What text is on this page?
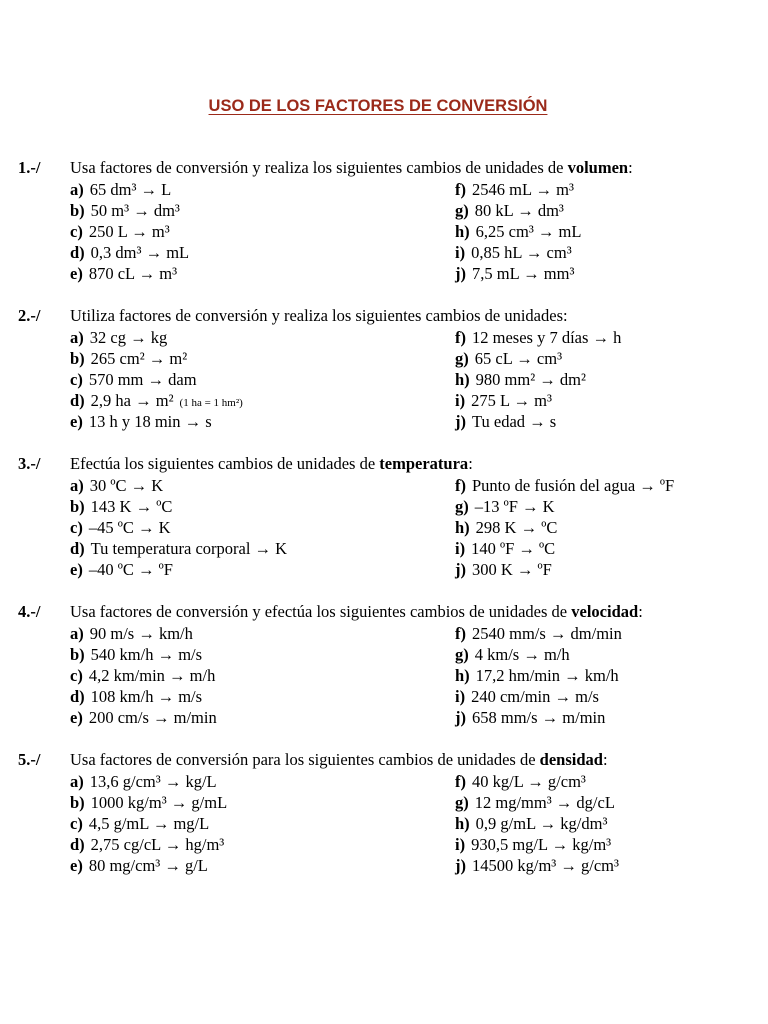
USO DE LOS FACTORES DE CONVERSIÓN
1.-/ Usa factores de conversión y realiza los siguientes cambios de unidades de volumen:
a) 65 dm³ → L
b) 50 m³ → dm³
c) 250 L → m³
d) 0,3 dm³ → mL
e) 870 cL → m³
f) 2546 mL → m³
g) 80 kL → dm³
h) 6,25 cm³ → mL
i) 0,85 hL → cm³
j) 7,5 mL → mm³
2.-/ Utiliza factores de conversión y realiza los siguientes cambios de unidades:
a) 32 cg → kg
b) 265 cm² → m²
c) 570 mm → dam
d) 2,9 ha → m² (1 ha = 1 hm²)
e) 13 h y 18 min → s
f) 12 meses y 7 días → h
g) 65 cL → cm³
h) 980 mm² → dm²
i) 275 L → m³
j) Tu edad → s
3.-/ Efectúa los siguientes cambios de unidades de temperatura:
a) 30 ºC → K
b) 143 K → ºC
c) –45 ºC → K
d) Tu temperatura corporal → K
e) –40 ºC → ºF
f) Punto de fusión del agua → ºF
g) –13 ºF → K
h) 298 K → ºC
i) 140 ºF → ºC
j) 300 K → ºF
4.-/ Usa factores de conversión y efectúa los siguientes cambios de unidades de velocidad:
a) 90 m/s → km/h
b) 540 km/h → m/s
c) 4,2 km/min → m/h
d) 108 km/h → m/s
e) 200 cm/s → m/min
f) 2540 mm/s → dm/min
g) 4 km/s → m/h
h) 17,2 hm/min → km/h
i) 240 cm/min → m/s
j) 658 mm/s → m/min
5.-/ Usa factores de conversión para los siguientes cambios de unidades de densidad:
a) 13,6 g/cm³ → kg/L
b) 1000 kg/m³ → g/mL
c) 4,5 g/mL → mg/L
d) 2,75 cg/cL → hg/m³
e) 80 mg/cm³ → g/L
f) 40 kg/L → g/cm³
g) 12 mg/mm³ → dg/cL
h) 0,9 g/mL → kg/dm³
i) 930,5 mg/L → kg/m³
j) 14500 kg/m³ → g/cm³
